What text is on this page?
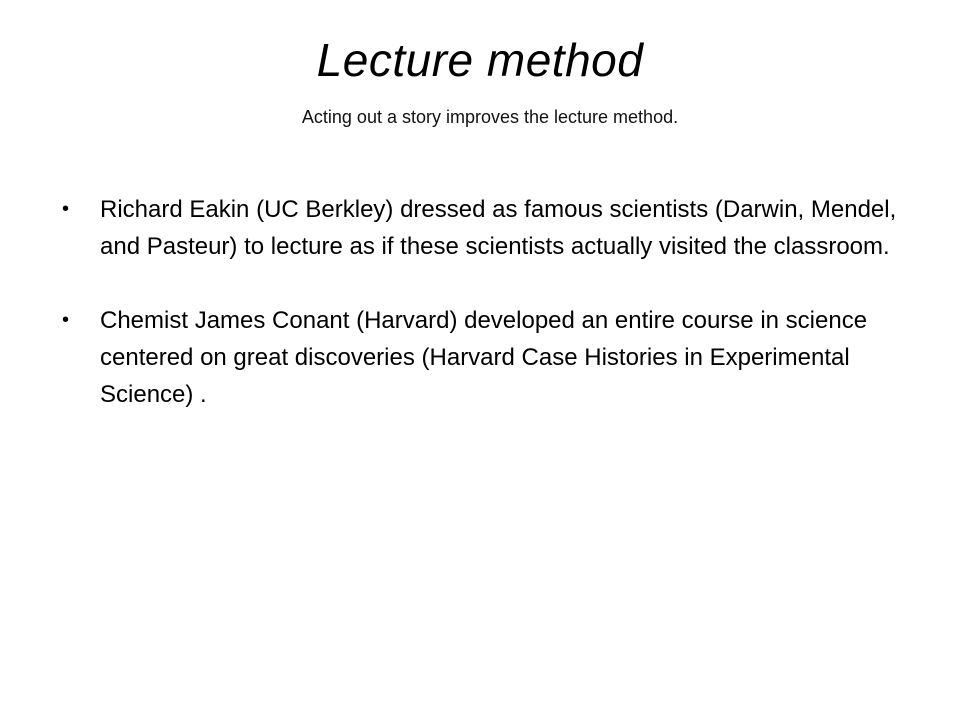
Lecture method
Acting out a story improves the lecture method.
• Richard Eakin (UC Berkley) dressed as famous scientists (Darwin, Mendel, and Pasteur) to lecture as if these scientists actually visited the classroom.
• Chemist James Conant (Harvard) developed an entire course in science centered on great discoveries (Harvard Case Histories in Experimental Science) .
